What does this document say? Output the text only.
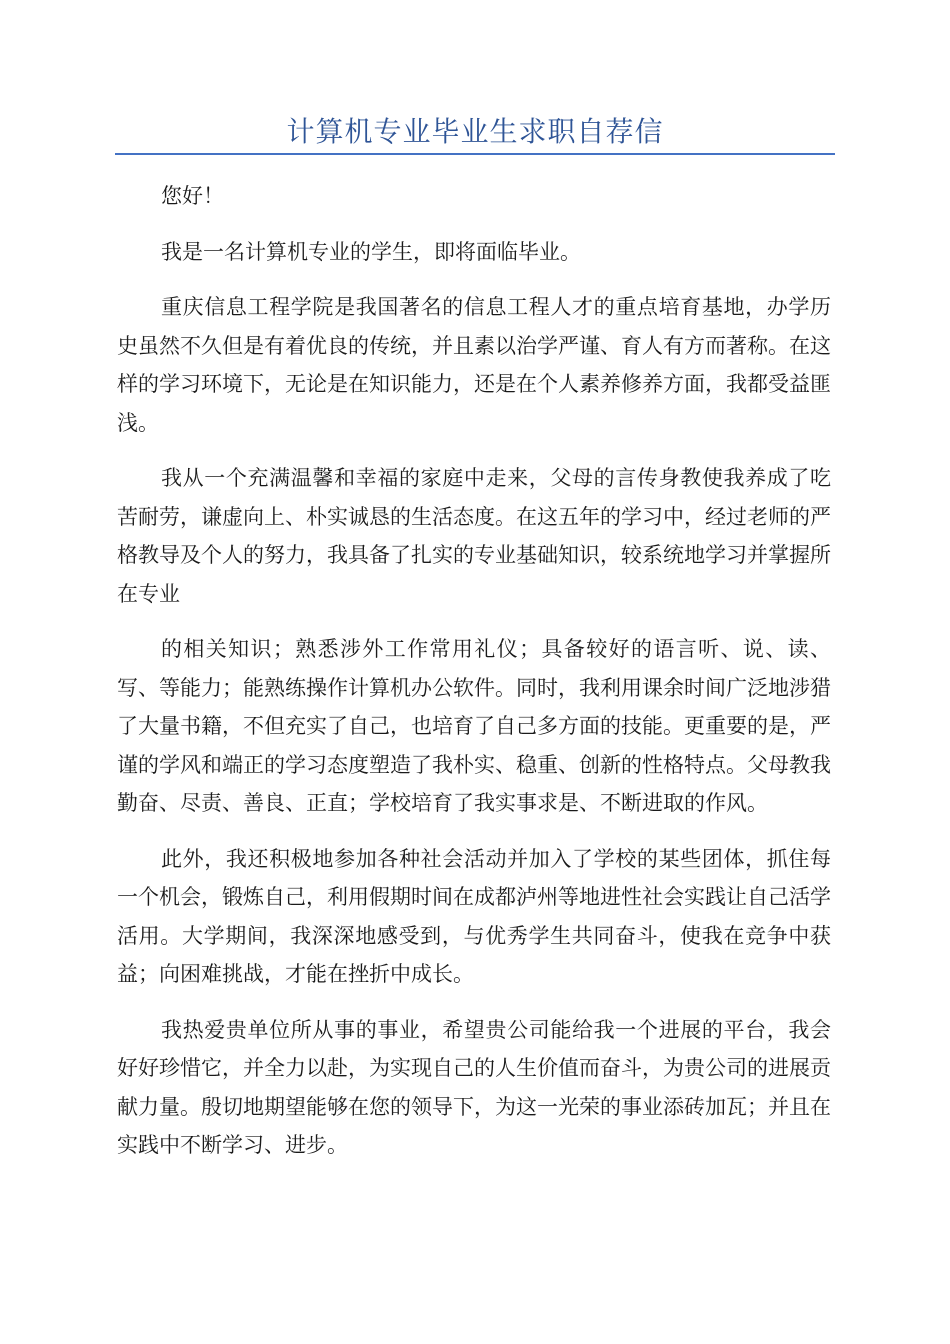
计算机专业毕业生求职自荐信

您好！

我是一名计算机专业的学生，即将面临毕业。

重庆信息工程学院是我国著名的信息工程人才的重点培育基地，办学历史虽然不久但是有着优良的传统，并且素以治学严谨、育人有方而著称。在这样的学习环境下，无论是在知识能力，还是在个人素养修养方面，我都受益匪浅。

我从一个充满温馨和幸福的家庭中走来，父母的言传身教使我养成了吃苦耐劳，谦虚向上、朴实诚恳的生活态度。在这五年的学习中，经过老师的严格教导及个人的努力，我具备了扎实的专业基础知识，较系统地学习并掌握所在专业

的相关知识；熟悉涉外工作常用礼仪；具备较好的语言听、说、读、写、等能力；能熟练操作计算机办公软件。同时，我利用课余时间广泛地涉猎了大量书籍，不但充实了自己，也培育了自己多方面的技能。更重要的是，严谨的学风和端正的学习态度塑造了我朴实、稳重、创新的性格特点。父母教我勤奋、尽责、善良、正直；学校培育了我实事求是、不断进取的作风。

此外，我还积极地参加各种社会活动并加入了学校的某些团体，抓住每一个机会，锻炼自己，利用假期时间在成都泸州等地进性社会实践让自己活学活用。大学期间，我深深地感受到，与优秀学生共同奋斗，使我在竞争中获益；向困难挑战，才能在挫折中成长。

我热爱贵单位所从事的事业，希望贵公司能给我一个进展的平台，我会好好珍惜它，并全力以赴，为实现自己的人生价值而奋斗，为贵公司的进展贡献力量。殷切地期望能够在您的领导下，为这一光荣的事业添砖加瓦；并且在实践中不断学习、进步。
